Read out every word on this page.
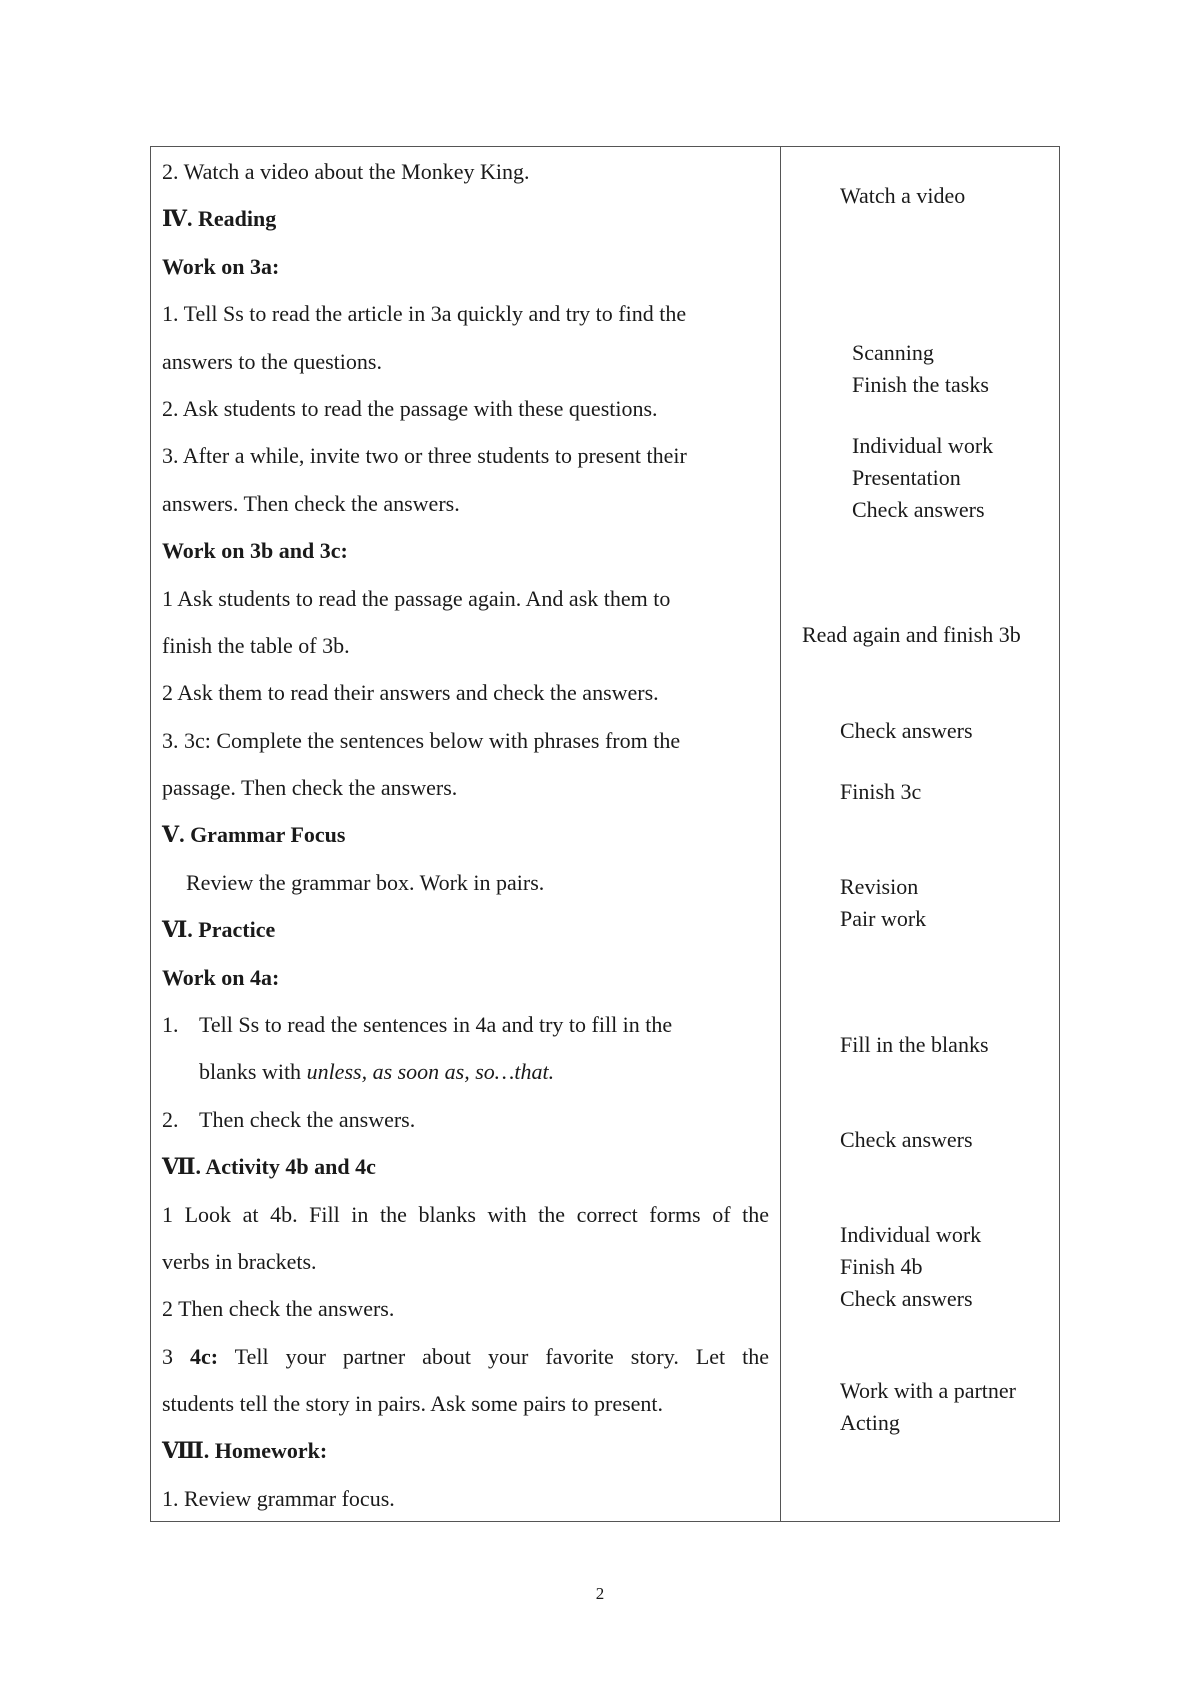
2. Watch a video about the Monkey King.
Ⅳ. Reading
Work on 3a:
1. Tell Ss to read the article in 3a quickly and try to find the
answers to the questions.
2. Ask students to read the passage with these questions.
3. After a while, invite two or three students to present their
answers. Then check the answers.
Work on 3b and 3c:
1 Ask students to read the passage again. And ask them to
finish the table of 3b.
2 Ask them to read their answers and check the answers.
3. 3c: Complete the sentences below with phrases from the
passage. Then check the answers.
Ⅴ. Grammar Focus
Review the grammar box. Work in pairs.
Ⅵ. Practice
Work on 4a:
1. Tell Ss to read the sentences in 4a and try to fill in the
blanks with unless, as soon as, so…that.
2. Then check the answers.
Ⅶ. Activity 4b and 4c
1 Look at 4b. Fill in the blanks with the correct forms of the
verbs in brackets.
2 Then check the answers.
3 4c: Tell your partner about your favorite story. Let the
students tell the story in pairs. Ask some pairs to present.
Ⅷ. Homework:
1. Review grammar focus.
Watch a video
Scanning
Finish the tasks
Individual work
Presentation
Check answers
Read again and finish 3b
Check answers
Finish 3c
Revision
Pair work
Fill in the blanks
Check answers
Individual work
Finish 4b
Check answers
Work with a partner
Acting
2
